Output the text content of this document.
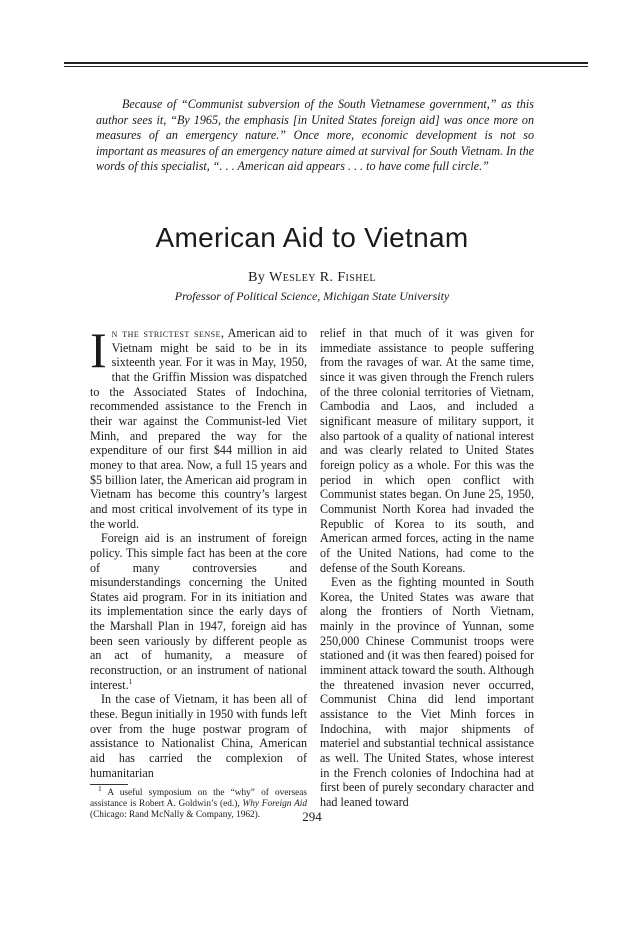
Because of “Communist subversion of the South Vietnamese government,” as this author sees it, “By 1965, the emphasis [in United States foreign aid] was once more on measures of an emergency nature.” Once more, economic development is not so important as measures of an emergency nature aimed at survival for South Vietnam. In the words of this specialist, “. . . American aid appears . . . to have come full circle.”

American Aid to Vietnam

By Wesley R. Fishel

Professor of Political Science, Michigan State University

In the strictest sense, American aid to Vietnam might be said to be in its sixteenth year. For it was in May, 1950, that the Griffin Mission was dispatched to the Associated States of Indochina, recommended assistance to the French in their war against the Communist-led Viet Minh, and prepared the way for the expenditure of our first $44 million in aid money to that area. Now, a full 15 years and $5 billion later, the American aid program in Vietnam has become this country’s largest and most critical involvement of its type in the world.

Foreign aid is an instrument of foreign policy. This simple fact has been at the core of many controversies and misunderstandings concerning the United States aid program. For in its initiation and its implementation since the early days of the Marshall Plan in 1947, foreign aid has been seen variously by different people as an act of humanity, a measure of reconstruction, or an instrument of national interest.$^1$

In the case of Vietnam, it has been all of these. Begun initially in 1950 with funds left over from the huge postwar program of assistance to Nationalist China, American aid has carried the complexion of humanitarian

$^1$ A useful symposium on the “why” of overseas assistance is Robert A. Goldwin’s (ed.), Why Foreign Aid (Chicago: Rand McNally & Company, 1962).

relief in that much of it was given for immediate assistance to people suffering from the ravages of war. At the same time, since it was given through the French rulers of the three colonial territories of Vietnam, Cambodia and Laos, and included a significant measure of military support, it also partook of a quality of national interest and was clearly related to United States foreign policy as a whole. For this was the period in which open conflict with Communist states began. On June 25, 1950, Communist North Korea had invaded the Republic of Korea to its south, and American armed forces, acting in the name of the United Nations, had come to the defense of the South Koreans.

Even as the fighting mounted in South Korea, the United States was aware that along the frontiers of North Vietnam, mainly in the province of Yunnan, some 250,000 Chinese Communist troops were stationed and (it was then feared) poised for imminent attack toward the south. Although the threatened invasion never occurred, Communist China did lend important assistance to the Viet Minh forces in Indochina, with major shipments of materiel and substantial technical assistance as well. The United States, whose interest in the French colonies of Indochina had at first been of purely secondary character and had leaned toward

294
